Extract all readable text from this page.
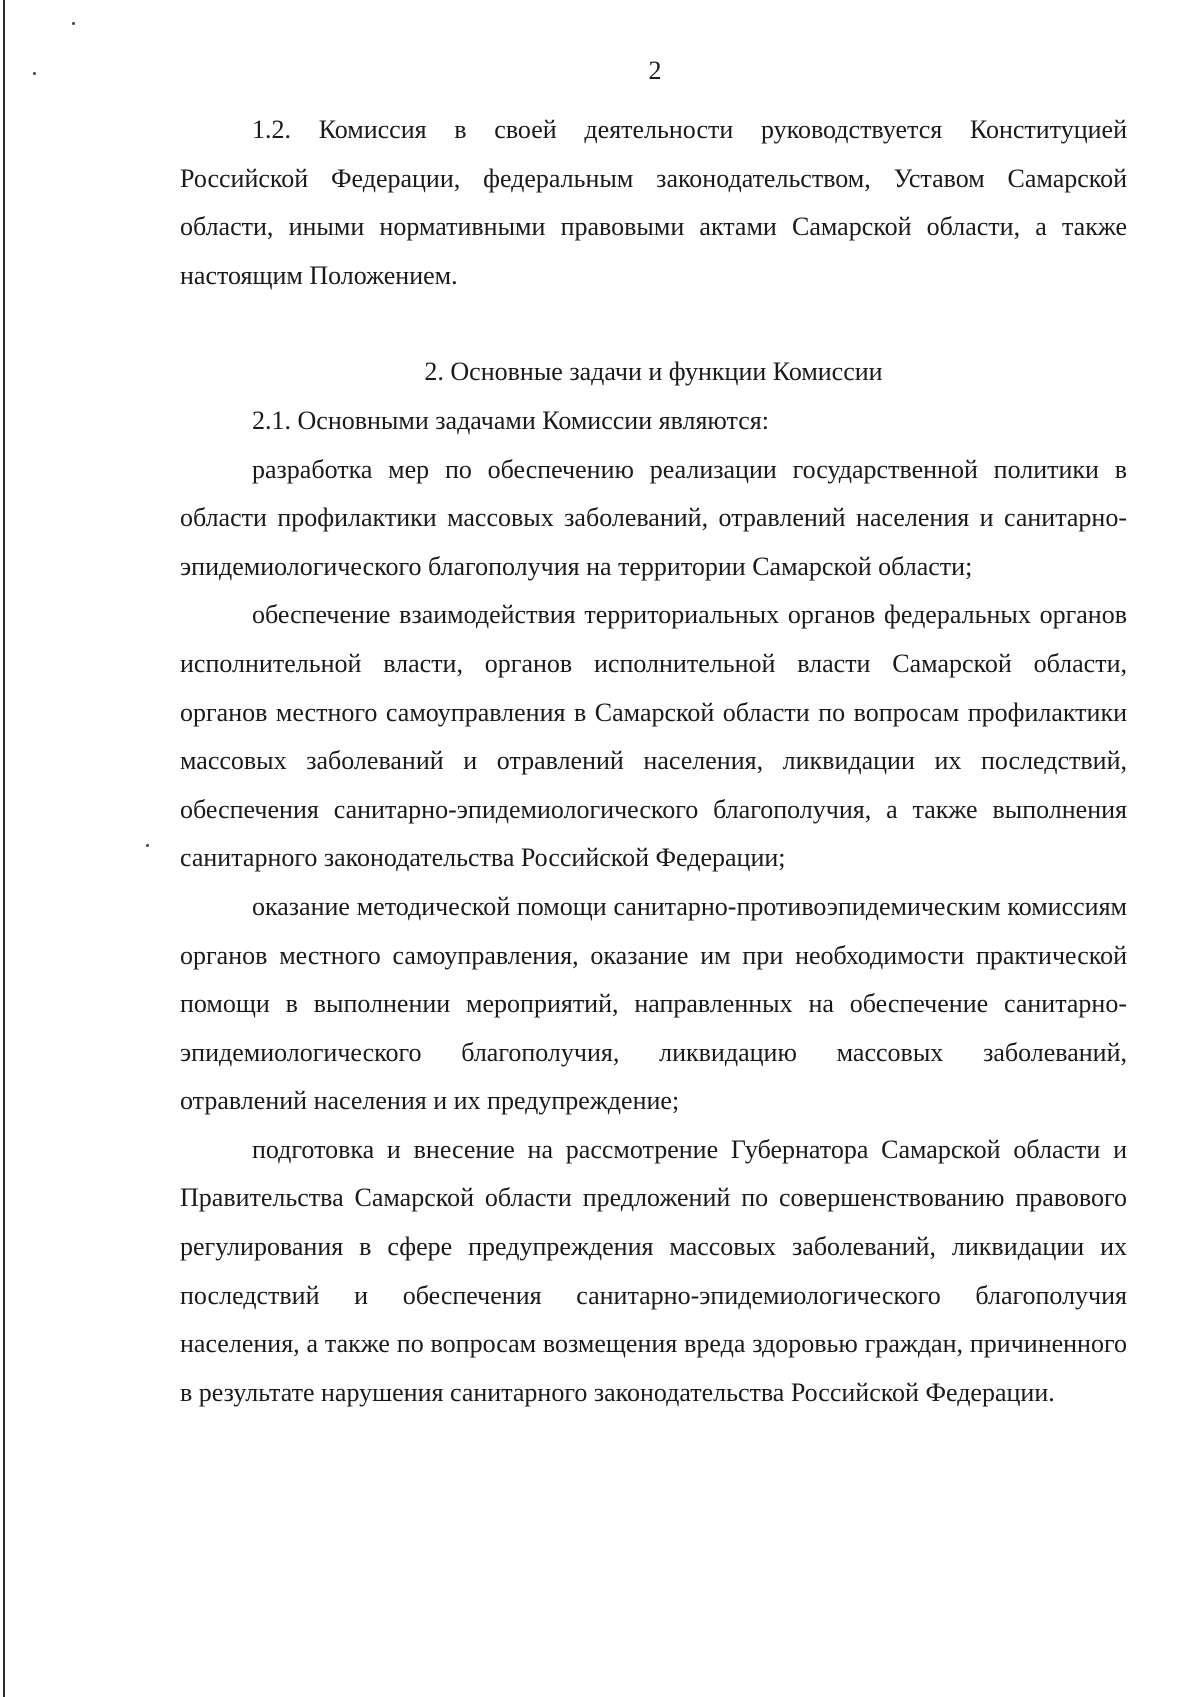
2

1.2. Комиссия в своей деятельности руководствуется Конституцией Российской Федерации, федеральным законодательством, Уставом Самарской области, иными нормативными правовыми актами Самарской области, а также настоящим Положением.

2. Основные задачи и функции Комиссии

2.1. Основными задачами Комиссии являются:

разработка мер по обеспечению реализации государственной политики в области профилактики массовых заболеваний, отравлений населения и санитарно-эпидемиологического благополучия на территории Самарской области;

обеспечение взаимодействия территориальных органов федеральных органов исполнительной власти, органов исполнительной власти Самарской области, органов местного самоуправления в Самарской области по вопросам профилактики массовых заболеваний и отравлений населения, ликвидации их последствий, обеспечения санитарно-эпидемиологического благополучия, а также выполнения санитарного законодательства Российской Федерации;

оказание методической помощи санитарно-противоэпидемическим комиссиям органов местного самоуправления, оказание им при необходимости практической помощи в выполнении мероприятий, направленных на обеспечение санитарно-эпидемиологического благополучия, ликвидацию массовых заболеваний, отравлений населения и их предупреждение;

подготовка и внесение на рассмотрение Губернатора Самарской области и Правительства Самарской области предложений по совершенствованию правового регулирования в сфере предупреждения массовых заболеваний, ликвидации их последствий и обеспечения санитарно-эпидемиологического благополучия населения, а также по вопросам возмещения вреда здоровью граждан, причиненного в результате нарушения санитарного законодательства Российской Федерации.
